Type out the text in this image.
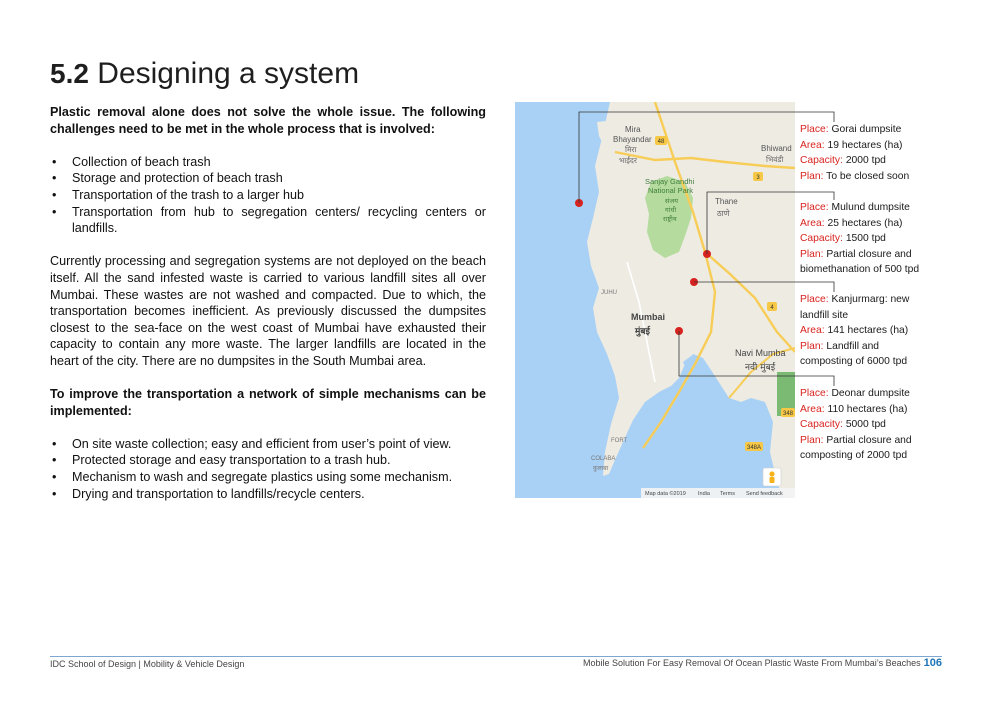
5.2 Designing a system

Plastic removal alone does not solve the whole issue. The following challenges need to be met in the whole process that is involved:

• Collection of beach trash
• Storage and protection of beach trash
• Transportation of the trash to a larger hub
• Transportation from hub to segregation centers/ recycling centers or landfills.

Currently processing and segregation systems are not deployed on the beach itself. All the sand infested waste is carried to various landfill sites all over Mumbai. These wastes are not washed and compacted. Due to which, the transportation becomes inefficient. As previously discussed the dumpsites closest to the sea-face on the west coast of Mumbai have exhausted their capacity to contain any more waste. The larger landfills are located in the heart of the city. There are no dumpsites in the South Mumbai area.

To improve the transportation a network of simple mechanisms can be implemented:

• On site waste collection; easy and efficient from user’s point of view.
• Protected storage and easy transportation to a trash hub.
• Mechanism to wash and segregate plastics using some mechanism.
• Drying and transportation to landfills/recycle centers.
Mira
Bhayandar
मिरा
भाईंदर
Bhiwand
भिवंडी
Sanjay Gandhi
National Park
संजय
गांधी
राष्ट्रीय
Thane
ठाणे
Mumbai
मुंबई
Navi Mumba
नवी मुंबई
JUHU
FORT
COLABA
कुलाबा
48
3
4
348
348A
Map data ©2019 India Terms Send feedback
Place: Gorai dumpsite
Area: 19 hectares (ha)
Capacity: 2000 tpd
Plan: To be closed soon
Place: Mulund dumpsite
Area: 25 hectares (ha)
Capacity: 1500 tpd
Plan: Partial closure and
biomethanation of 500 tpd
Place: Kanjurmarg: new
landfill site
Area: 141 hectares (ha)
Plan: Landfill and
composting of 6000 tpd
Place: Deonar dumpsite
Area: 110 hectares (ha)
Capacity: 5000 tpd
Plan: Partial closure and
composting of 2000 tpd
IDC School of Design | Mobility & Vehicle Design	Mobile Solution For Easy Removal Of Ocean Plastic Waste From Mumbai’s Beaches 106
